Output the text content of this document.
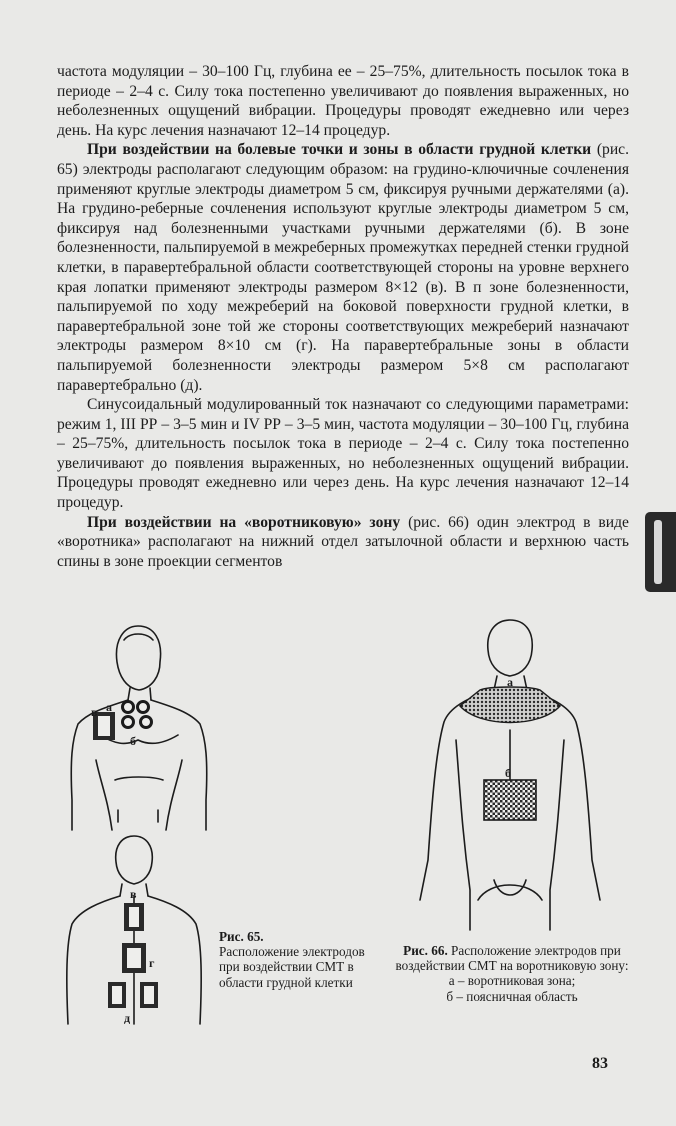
частота модуляции – 30–100 Гц, глубина ее – 25–75%, длительность посылок тока в периоде – 2–4 с. Силу тока постепенно увеличивают до появления выраженных, но неболезненных ощущений вибрации. Процедуры проводят ежедневно или через день. На курс лечения назначают 12–14 процедур.

При воздействии на болевые точки и зоны в области грудной клетки (рис. 65) электроды располагают следующим образом: на грудино-ключичные сочленения применяют круглые электроды диаметром 5 см, фиксируя ручными держателями (а). На грудино-реберные сочленения используют круглые электроды диаметром 5 см, фиксируя над болезненными участками ручными держателями (б). В зоне болезненности, пальпируемой в межреберных промежутках передней стенки грудной клетки, в паравертебральной области соответствующей стороны на уровне верхнего края лопатки применяют электроды размером 8×12 (в). В п зоне болезненности, пальпируемой по ходу межреберий на боковой поверхности грудной клетки, в паравертебральной зоне той же стороны соответствующих межреберий назначают электроды размером 8×10 см (г). На паравертебральные зоны в области пальпируемой болезненности электроды размером 5×8 см располагают паравертебрально (д).

Синусоидальный модулированный ток назначают со следующими параметрами: режим 1, III РР – 3–5 мин и IV РР – 3–5 мин, частота модуляции – 30–100 Гц, глубина – 25–75%, длительность посылок тока в периоде – 2–4 с. Силу тока постепенно увеличивают до появления выраженных, но неболезненных ощущений вибрации. Процедуры проводят ежедневно или через день. На курс лечения назначают 12–14 процедур.

При воздействии на «воротниковую» зону (рис. 66) один электрод в виде «воротника» располагают на нижний отдел затылочной области и верхнюю часть спины в зоне проекции сегментов

а
в
б
в
г
д
а
б
Рис. 65.
Расположение электродов при воздействии СМТ в области грудной клетки
Рис. 66. Расположение электродов при воздействии СМТ на воротниковую зону:
а – воротниковая зона;
б – поясничная область
83
